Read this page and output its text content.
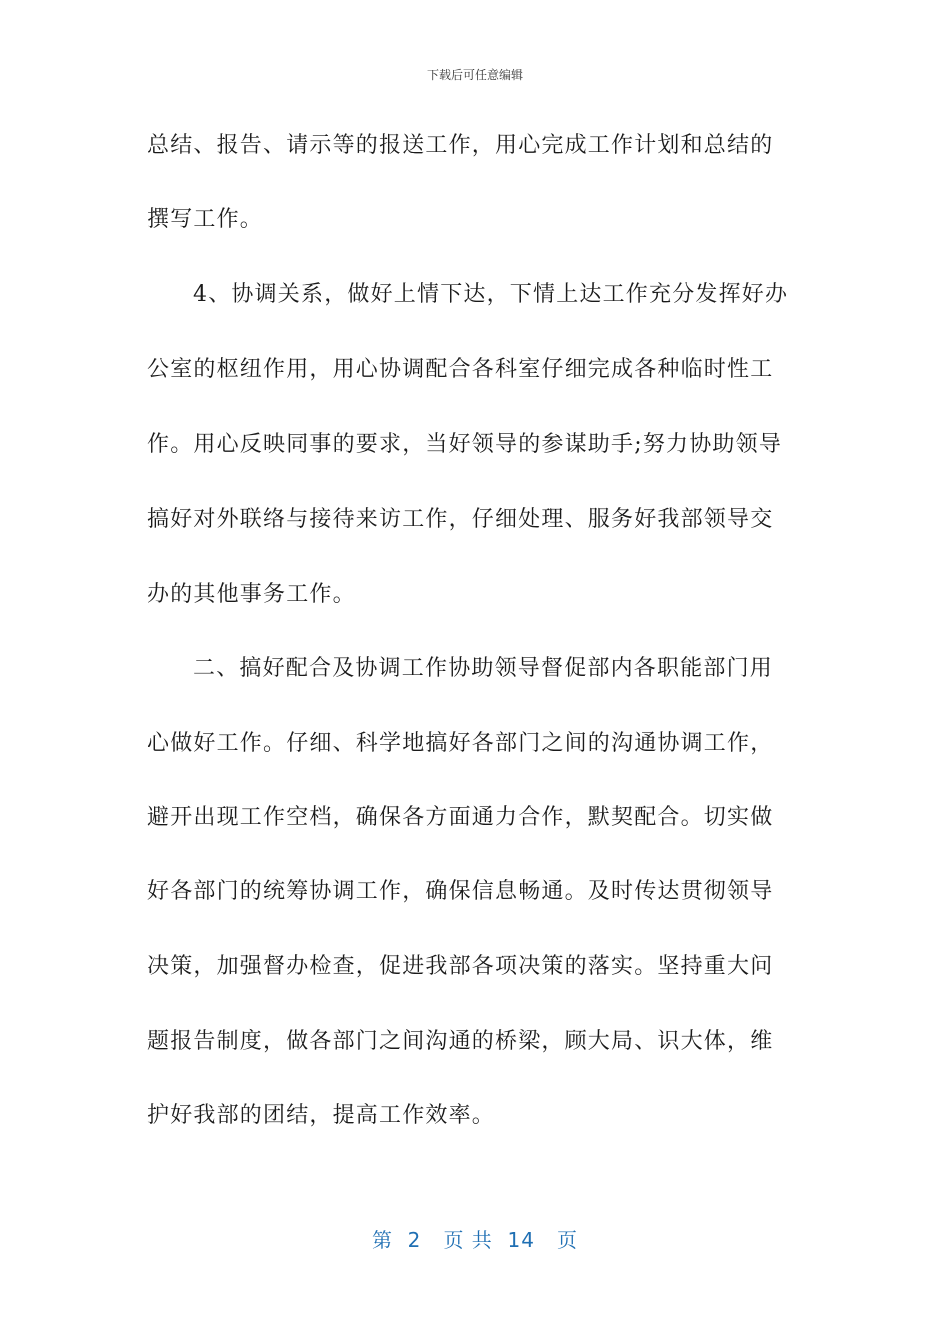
下载后可任意编辑
总结、报告、请示等的报送工作，用心完成工作计划和总结的
撰写工作。
4、协调关系，做好上情下达，下情上达工作充分发挥好办
公室的枢纽作用，用心协调配合各科室仔细完成各种临时性工
作。用心反映同事的要求，当好领导的参谋助手;努力协助领导
搞好对外联络与接待来访工作，仔细处理、服务好我部领导交
办的其他事务工作。
二、搞好配合及协调工作协助领导督促部内各职能部门用
心做好工作。仔细、科学地搞好各部门之间的沟通协调工作，
避开出现工作空档，确保各方面通力合作，默契配合。切实做
好各部门的统筹协调工作，确保信息畅通。及时传达贯彻领导
决策，加强督办检查，促进我部各项决策的落实。坚持重大问
题报告制度，做各部门之间沟通的桥梁，顾大局、识大体，维
护好我部的团结，提高工作效率。
第  2   页 共  14   页
